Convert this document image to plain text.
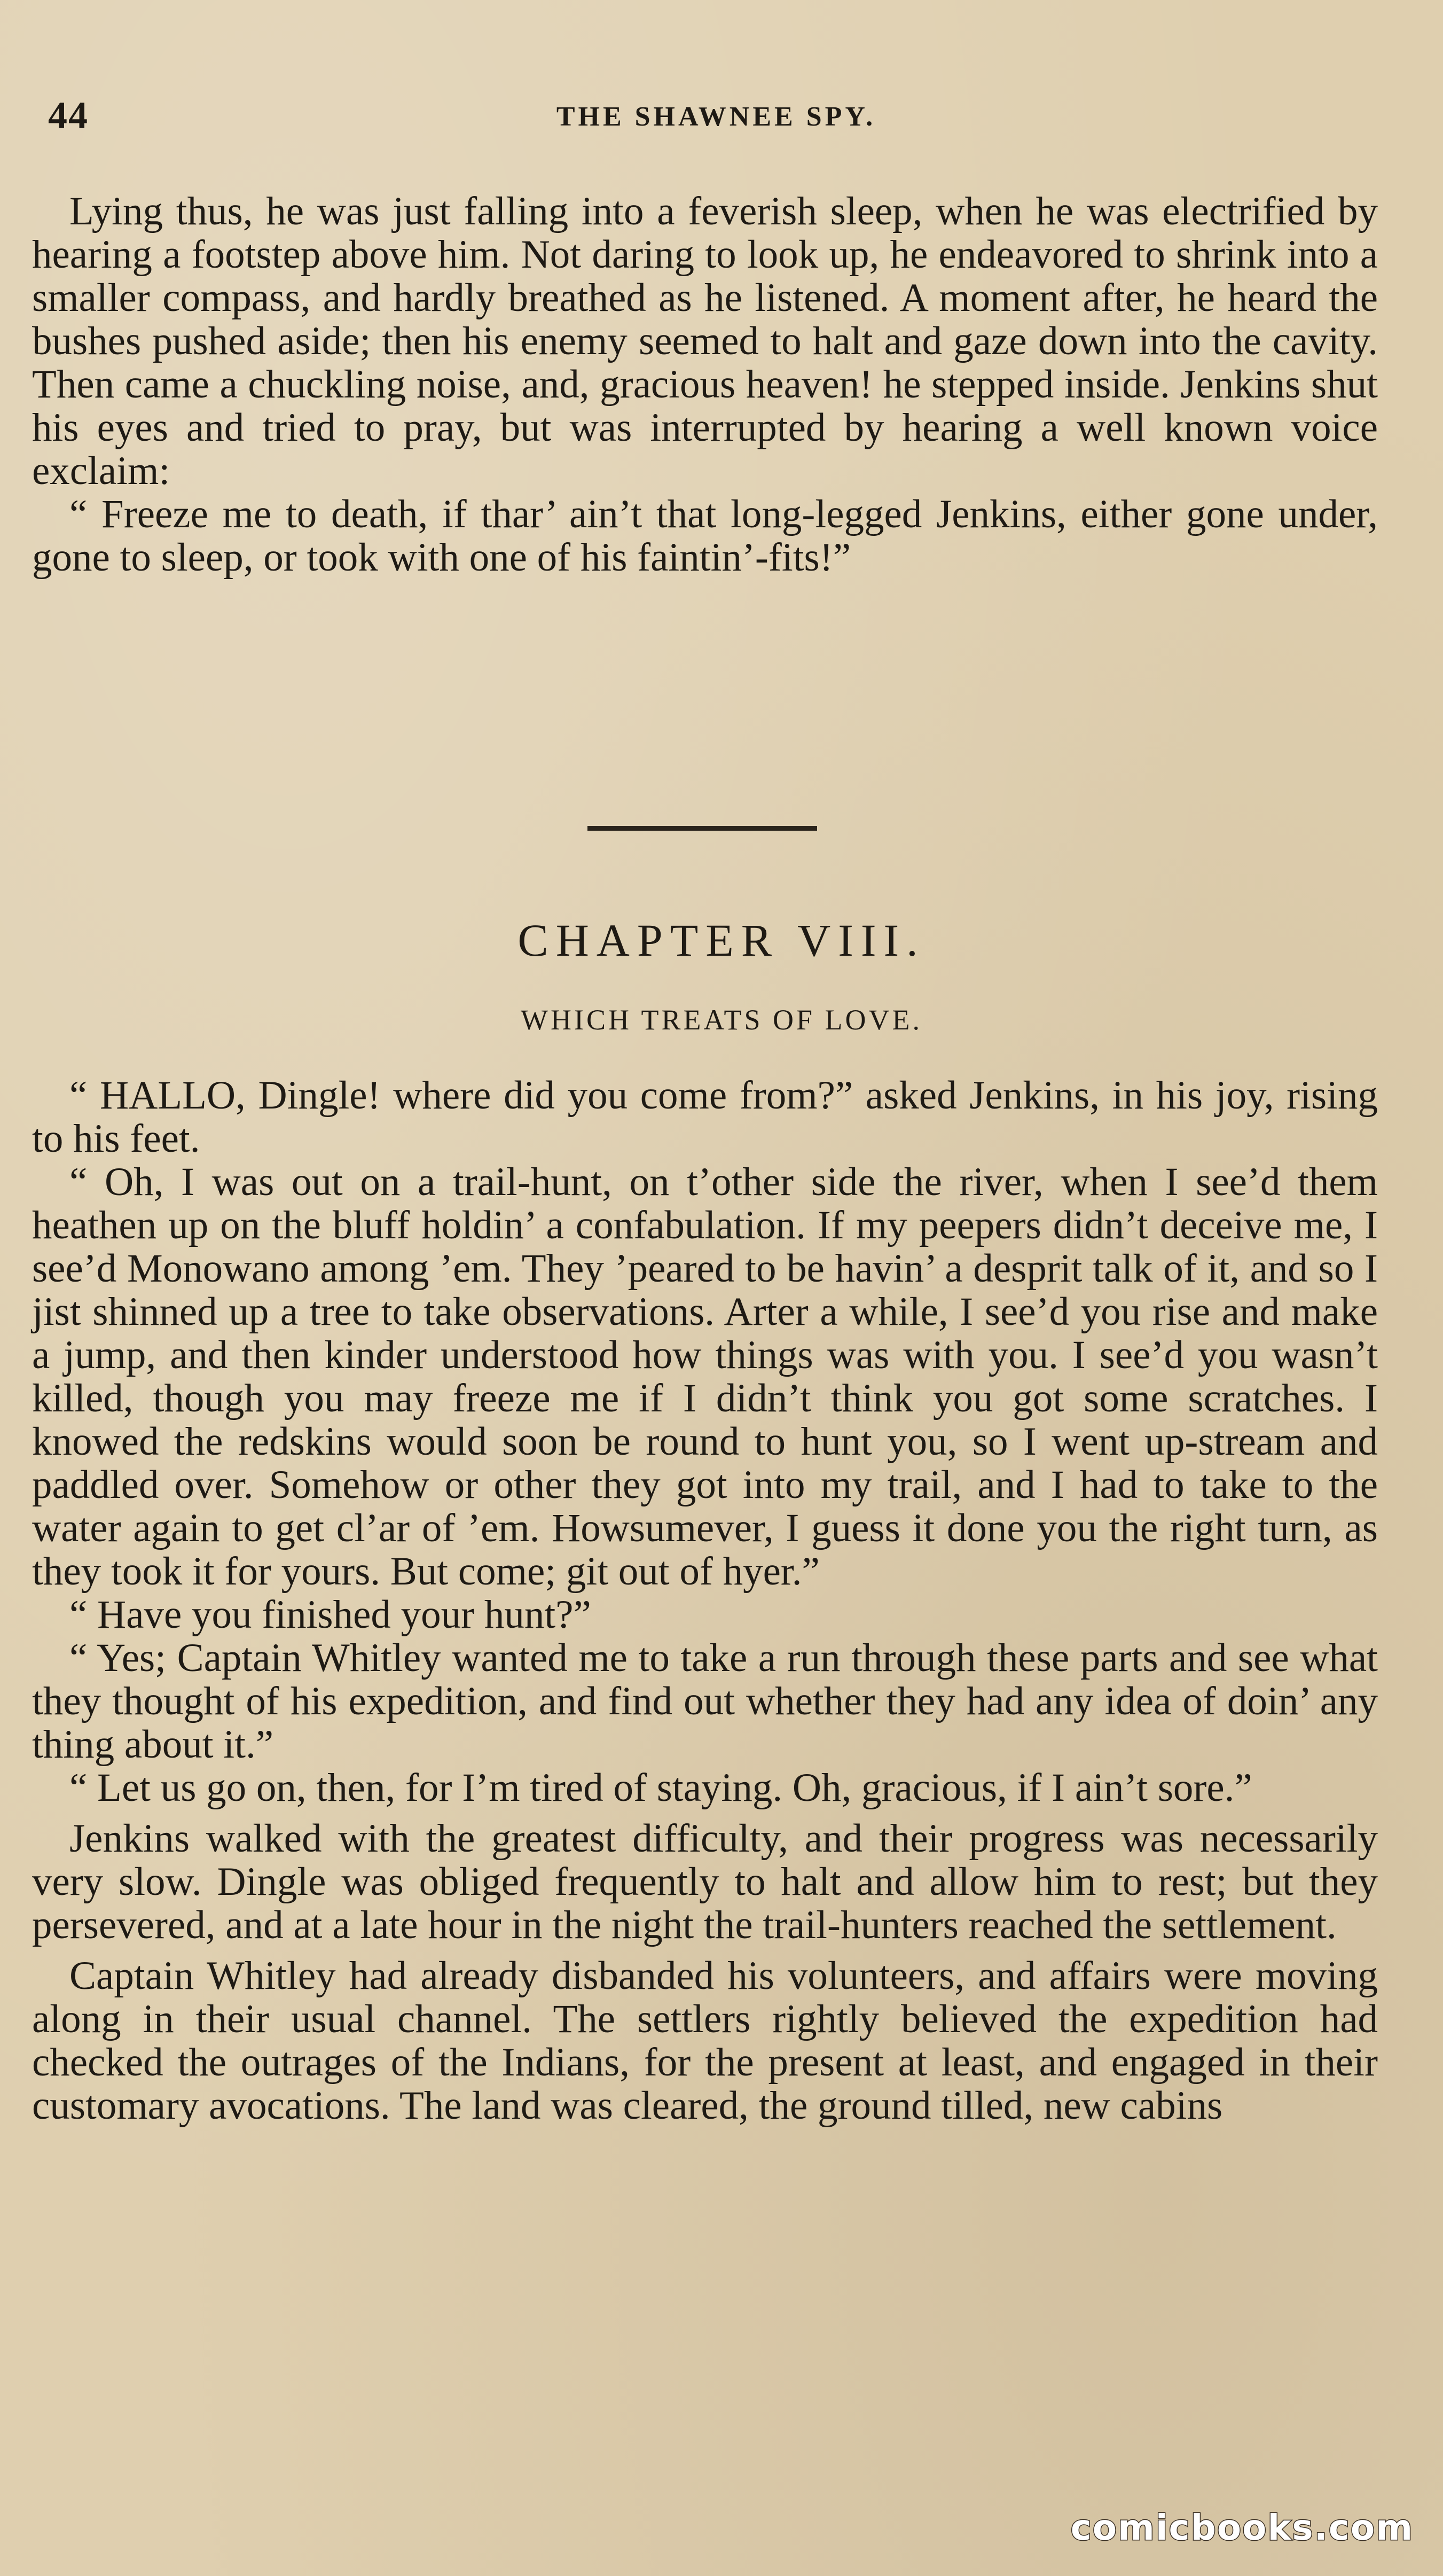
44	THE SHAWNEE SPY.

Lying thus, he was just falling into a feverish sleep, when he was electrified by hearing a footstep above him. Not daring to look up, he endeavored to shrink into a smaller compass, and hardly breathed as he listened. A moment after, he heard the bushes pushed aside; then his enemy seemed to halt and gaze down into the cavity. Then came a chuckling noise, and, gracious heaven! he stepped inside. Jenkins shut his eyes and tried to pray, but was interrupted by hearing a well known voice exclaim:

“ Freeze me to death, if thar’ ain’t that long-legged Jenkins, either gone under, gone to sleep, or took with one of his faintin’-fits!”

CHAPTER VIII.
WHICH TREATS OF LOVE.

“ HALLO, Dingle! where did you come from?” asked Jenkins, in his joy, rising to his feet.

“ Oh, I was out on a trail-hunt, on t’other side the river, when I see’d them heathen up on the bluff holdin’ a confabulation. If my peepers didn’t deceive me, I see’d Monowano among ’em. They ’peared to be havin’ a desprit talk of it, and so I jist shinned up a tree to take observations. Arter a while, I see’d you rise and make a jump, and then kinder understood how things was with you. I see’d you wasn’t killed, though you may freeze me if I didn’t think you got some scratches. I knowed the redskins would soon be round to hunt you, so I went up-stream and paddled over. Somehow or other they got into my trail, and I had to take to the water again to get cl’ar of ’em. Howsumever, I guess it done you the right turn, as they took it for yours. But come; git out of hyer.”

“ Have you finished your hunt?”

“ Yes; Captain Whitley wanted me to take a run through these parts and see what they thought of his expedition, and find out whether they had any idea of doin’ any thing about it.”

“ Let us go on, then, for I’m tired of staying. Oh, gracious, if I ain’t sore.”

Jenkins walked with the greatest difficulty, and their progress was necessarily very slow. Dingle was obliged frequently to halt and allow him to rest; but they persevered, and at a late hour in the night the trail-hunters reached the settlement.

Captain Whitley had already disbanded his volunteers, and affairs were moving along in their usual channel. The settlers rightly believed the expedition had checked the outrages of the Indians, for the present at least, and engaged in their customary avocations. The land was cleared, the ground tilled, new cabins

comicbooks.com
